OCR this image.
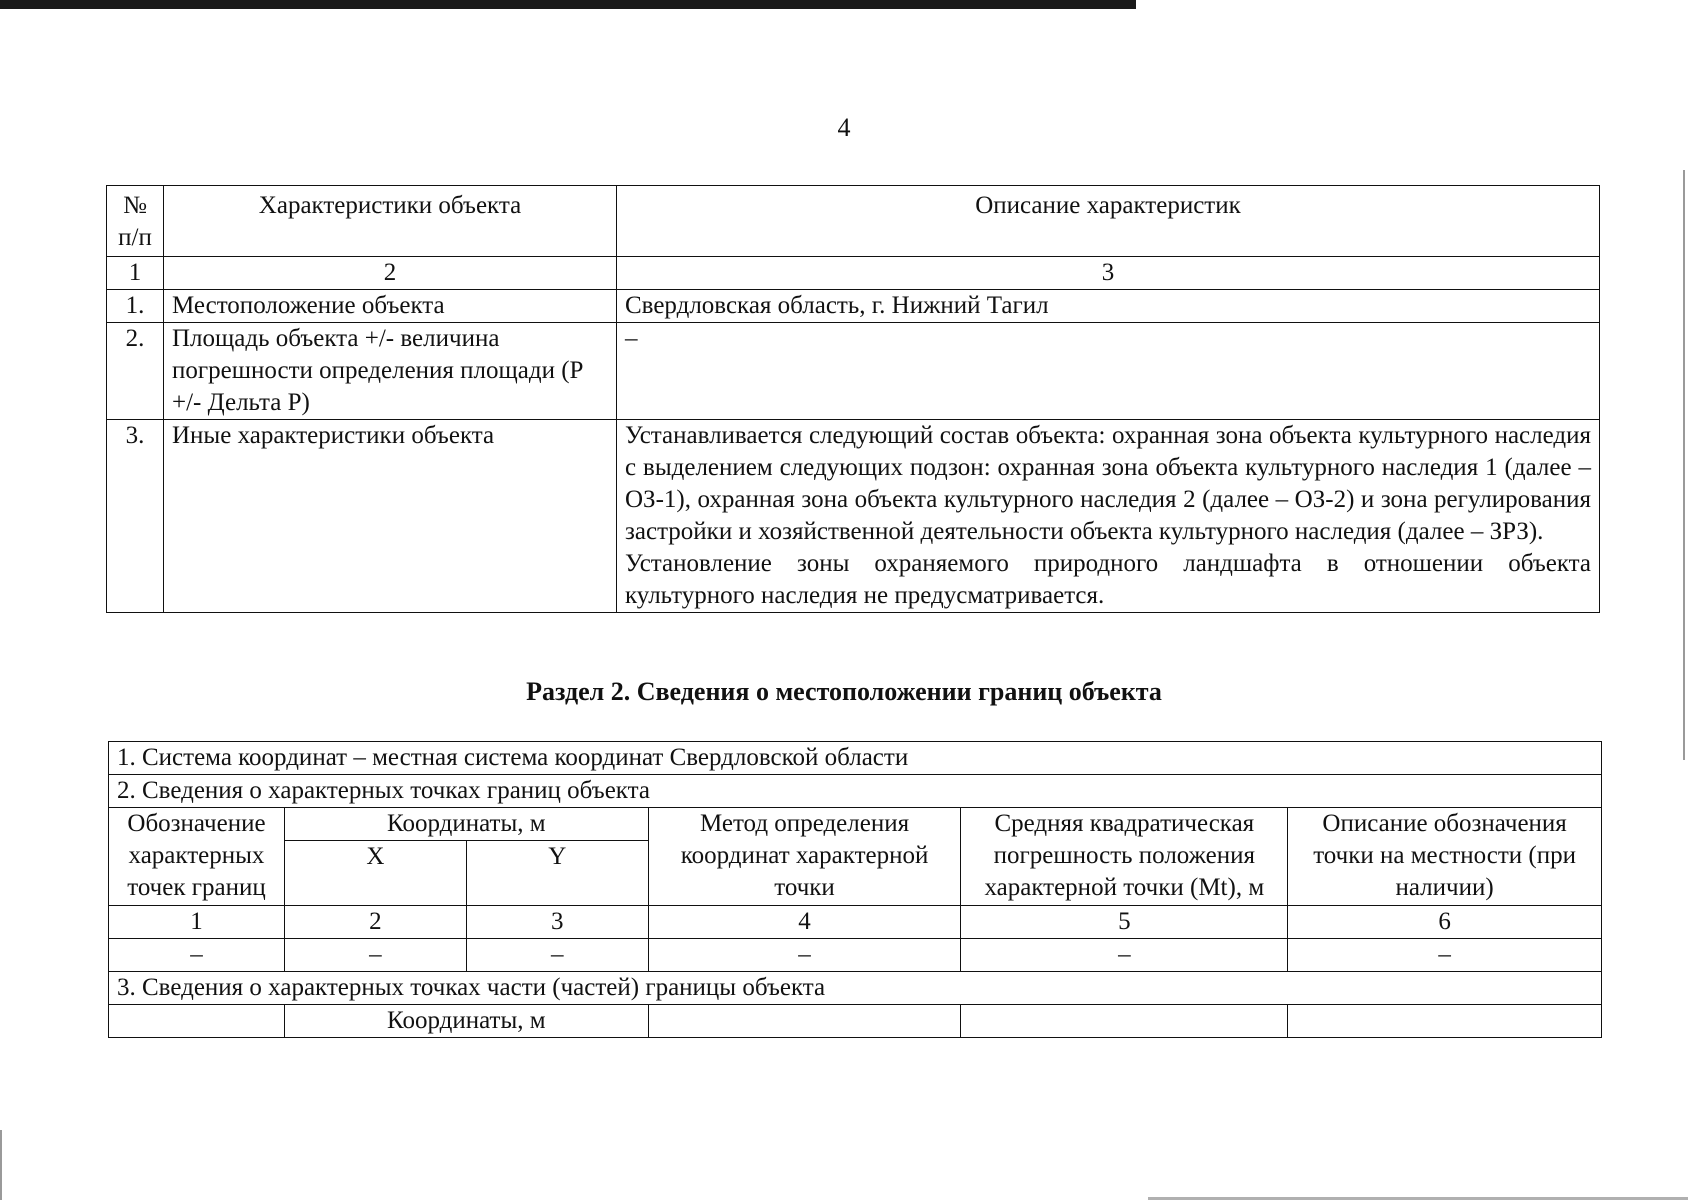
4
№ п/п	Характеристики объекта	Описание характеристик
1	2	3
1.	Местоположение объекта	Свердловская область, г. Нижний Тагил

2.	Площадь объекта +/- величина погрешности определения площади (Р +/- Дельта Р)	–

3.	Иные характеристики объекта	Устанавливается следующий состав объекта: охранная зона объекта культурного наследия с выделением следующих подзон: охранная зона объекта культурного наследия 1 (далее – ОЗ-1), охранная зона объекта культурного наследия 2 (далее – ОЗ-2) и зона регулирования застройки и хозяйственной деятельности объекта культурного наследия (далее – ЗРЗ).

Установление зоны охраняемого природного ландшафта в отношении объекта культурного наследия не предусматривается.

Раздел 2. Сведения о местоположении границ объекта
1. Система координат – местная система координат Свердловской области					
2. Сведения о характерных точках границ объекта					
Обозначение характерных точек границ	Координаты, м		Метод определения координат характерной точки	Средняя квадратическая погрешность положения характерной точки (Mt), м	Описание обозначения точки на местности (при наличии)
	X	Y			
1	2	3	4	5	6
–	–	–	–	–	–
3. Сведения о характерных точках части (частей) границы объекта					
	Координаты, м				
